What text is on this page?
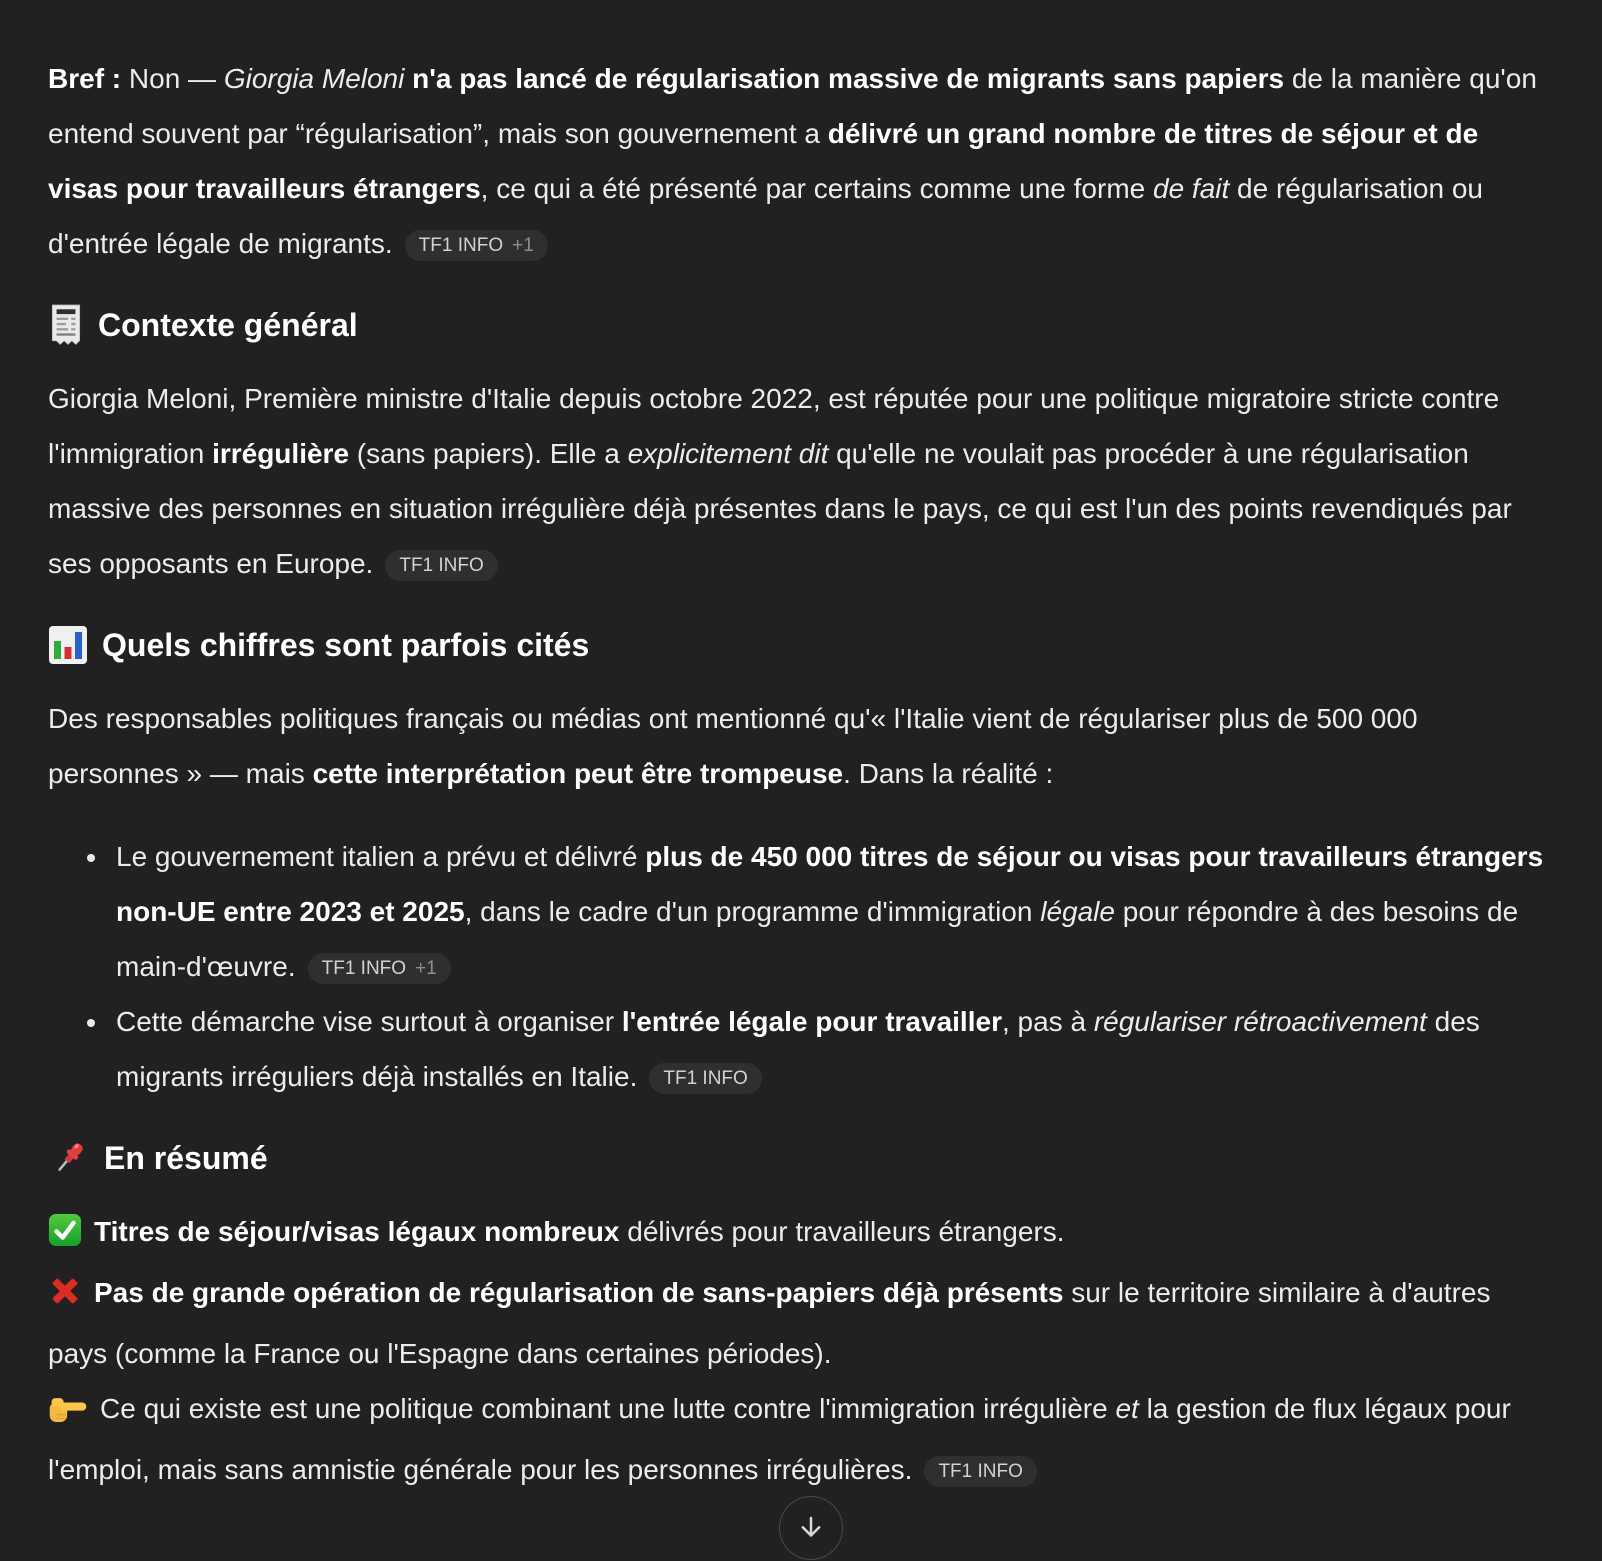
Bref : Non — Giorgia Meloni n'a pas lancé de régularisation massive de migrants sans papiers de la manière qu'on entend souvent par “régularisation”, mais son gouvernement a délivré un grand nombre de titres de séjour et de visas pour travailleurs étrangers, ce qui a été présenté par certains comme une forme de fait de régularisation ou d'entrée légale de migrants. TF1 INFO +1

Contexte général

Giorgia Meloni, Première ministre d'Italie depuis octobre 2022, est réputée pour une politique migratoire stricte contre l'immigration irrégulière (sans papiers). Elle a explicitement dit qu'elle ne voulait pas procéder à une régularisation massive des personnes en situation irrégulière déjà présentes dans le pays, ce qui est l'un des points revendiqués par ses opposants en Europe. TF1 INFO

Quels chiffres sont parfois cités

Des responsables politiques français ou médias ont mentionné qu'« l'Italie vient de régulariser plus de 500 000 personnes » — mais cette interprétation peut être trompeuse. Dans la réalité :

• Le gouvernement italien a prévu et délivré plus de 450 000 titres de séjour ou visas pour travailleurs étrangers non-UE entre 2023 et 2025, dans le cadre d'un programme d'immigration légale pour répondre à des besoins de main-d'œuvre. TF1 INFO +1
• Cette démarche vise surtout à organiser l'entrée légale pour travailler, pas à régulariser rétroactivement des migrants irréguliers déjà installés en Italie. TF1 INFO
En résumé

Titres de séjour/visas légaux nombreux délivrés pour travailleurs étrangers.
Pas de grande opération de régularisation de sans-papiers déjà présents sur le territoire similaire à d'autres pays (comme la France ou l'Espagne dans certaines périodes).
Ce qui existe est une politique combinant une lutte contre l'immigration irrégulière et la gestion de flux légaux pour l'emploi, mais sans amnistie générale pour les personnes irrégulières. TF1 INFO
